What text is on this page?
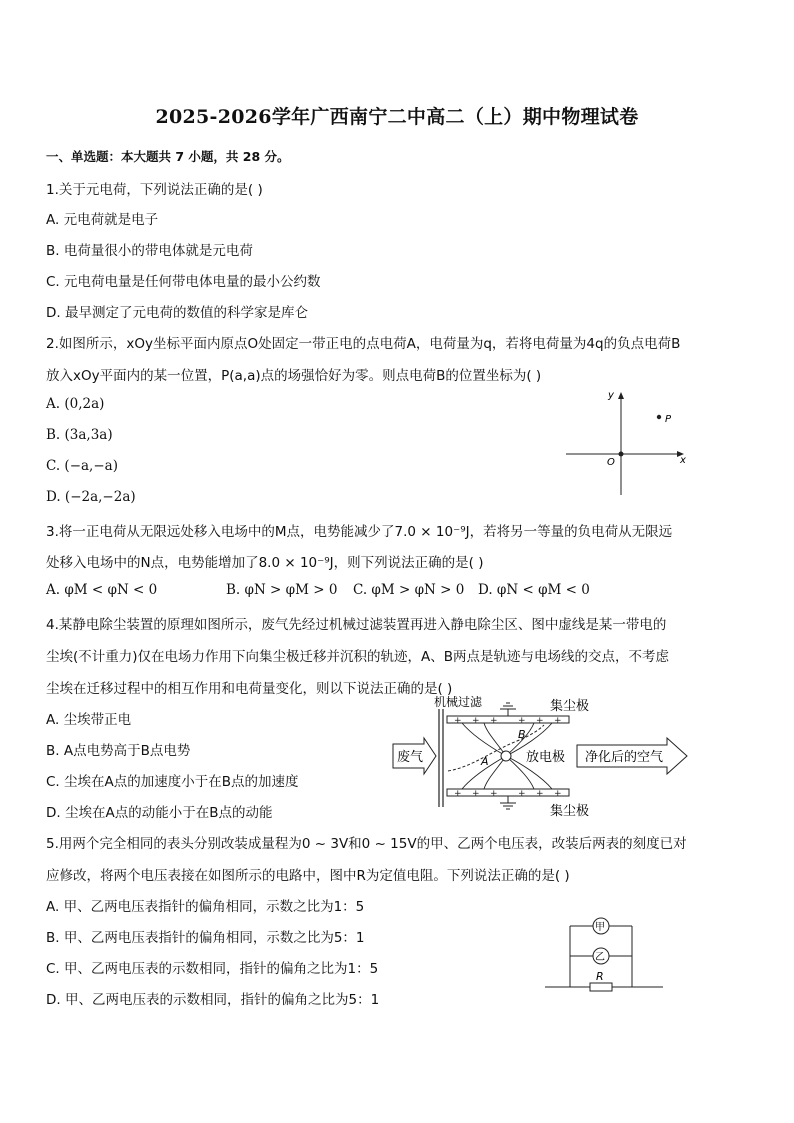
2025-2026学年广西南宁二中高二（上）期中物理试卷
一、单选题：本大题共 7 小题，共 28 分。
1.关于元电荷，下列说法正确的是( )
A. 元电荷就是电子
B. 电荷量很小的带电体就是元电荷
C. 元电荷电量是任何带电体电量的最小公约数
D. 最早测定了元电荷的数值的科学家是库仑
2.如图所示，xOy坐标平面内原点O处固定一带正电的点电荷A，电荷量为q，若将电荷量为4q的负点电荷B
放入xOy平面内的某一位置，P(a,a)点的场强恰好为零。则点电荷B的位置坐标为( )
A. (0,2a)
B. (3a,3a)
C. (−a,−a)
D. (−2a,−2a)
y
x
O
P
3.将一正电荷从无限远处移入电场中的M点，电势能减少了7.0 × 10⁻⁹J，若将另一等量的负电荷从无限远
处移入电场中的N点，电势能增加了8.0 × 10⁻⁹J，则下列说法正确的是( )
A. φM < φN < 0	B. φN > φM > 0 C. φM > φN > 0 D. φN < φM < 0
4.某静电除尘装置的原理如图所示，废气先经过机械过滤装置再进入静电除尘区、图中虚线是某一带电的
尘埃(不计重力)仅在电场力作用下向集尘极迁移并沉积的轨迹，A、B两点是轨迹与电场线的交点，不考虑
尘埃在迁移过程中的相互作用和电荷量变化，则以下说法正确的是( )
A. 尘埃带正电
B. A点电势高于B点电势
C. 尘埃在A点的加速度小于在B点的加速度
D. 尘埃在A点的动能小于在B点的动能
+ + + + + +
+ + + + + +
机械过滤	集尘极
集尘极
放电极
废气	净化后的空气
A
B
5.用两个完全相同的表头分别改装成量程为0 ~ 3V和0 ~ 15V的甲、乙两个电压表，改装后两表的刻度已对
应修改，将两个电压表接在如图所示的电路中，图中R为定值电阻。下列说法正确的是( )
A. 甲、乙两电压表指针的偏角相同，示数之比为1：5
B. 甲、乙两电压表指针的偏角相同，示数之比为5：1
C. 甲、乙两电压表的示数相同，指针的偏角之比为1：5
D. 甲、乙两电压表的示数相同，指针的偏角之比为5：1
甲
乙
R
